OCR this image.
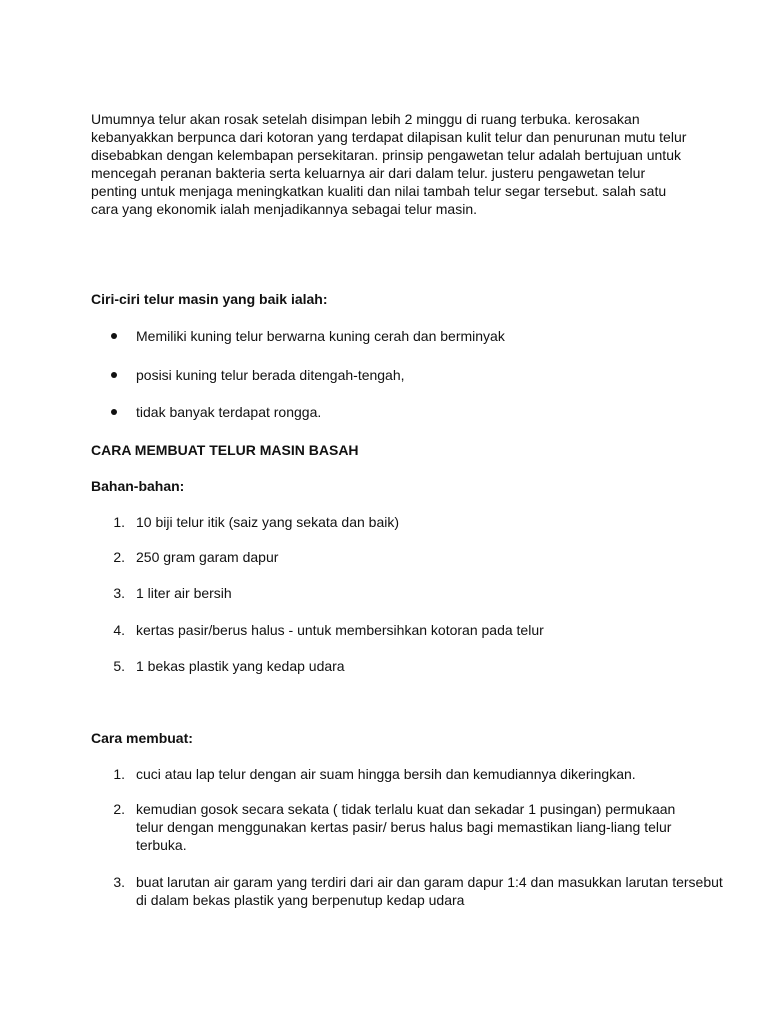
Umumnya telur akan rosak setelah disimpan lebih 2 minggu di ruang terbuka. kerosakan kebanyakkan berpunca dari kotoran yang terdapat dilapisan kulit telur dan penurunan mutu telur disebabkan dengan kelembapan persekitaran. prinsip pengawetan telur adalah bertujuan untuk mencegah peranan bakteria serta keluarnya air dari dalam telur. justeru pengawetan telur penting untuk menjaga meningkatkan kualiti dan nilai tambah telur segar tersebut. salah satu cara yang ekonomik ialah menjadikannya sebagai telur masin.

Ciri-ciri telur masin yang baik ialah:
Memiliki kuning telur berwarna kuning cerah dan berminyak
posisi kuning telur berada ditengah-tengah,
tidak banyak terdapat rongga.
CARA MEMBUAT TELUR MASIN BASAH
Bahan-bahan:
1. 10 biji telur itik (saiz yang sekata dan baik)
2. 250 gram garam dapur
3. 1 liter air bersih
4. kertas pasir/berus halus - untuk membersihkan kotoran pada telur
5. 1 bekas plastik yang kedap udara
Cara membuat:
1. cuci atau lap telur dengan air suam hingga bersih dan kemudiannya dikeringkan.
2. kemudian gosok secara sekata ( tidak terlalu kuat dan sekadar 1 pusingan) permukaan telur dengan menggunakan kertas pasir/ berus halus bagi memastikan liang-liang telur terbuka.
3. buat larutan air garam yang terdiri dari air dan garam dapur 1:4 dan masukkan larutan tersebut di dalam bekas plastik yang berpenutup kedap udara
